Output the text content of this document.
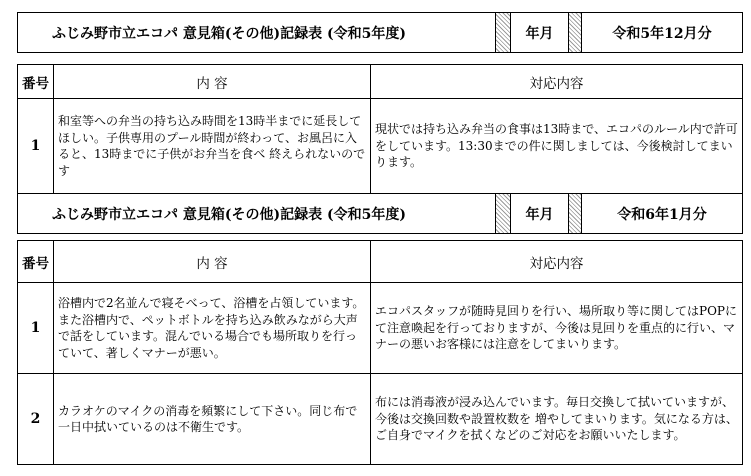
ふじみ野市立エコパ 意見箱(その他)記録表 (令和5年度)	年月	令和5年12月分
番号	内 容	対応内容
1	和室等への弁当の持ち込み時間を13時半までに延長してほしい。子供専用のプール時間が終わって、お風呂に入ると、13時までに子供がお弁当を食べ 終えられないのです	現状では持ち込み弁当の食事は13時まで、エコパのルール内で許可をしています。13:30までの件に関しましては、今後検討してまいります。
ふじみ野市立エコパ 意見箱(その他)記録表 (令和5年度)	年月	令和6年1月分
番号	内 容	対応内容
1	浴槽内で2名並んで寝そべって、浴槽を占領しています。また浴槽内で、ペットボトルを持ち込み飲みながら大声で話をしています。混んでいる場合でも場所取りを行っていて、著しくマナーが悪い。	エコパスタッフが随時見回りを行い、場所取り等に関してはPOPにて注意喚起を行っておりますが、今後は見回りを重点的に行い、マナーの悪いお客様には注意をしてまいります。
2	カラオケのマイクの消毒を頻繁にして下さい。同じ布で一日中拭いているのは不衛生です。	布には消毒液が浸み込んでいます。毎日交換して拭いていますが、今後は交換回数や設置枚数を 増やしてまいります。気になる方は、ご自身でマイクを拭くなどのご対応をお願いいたします。
